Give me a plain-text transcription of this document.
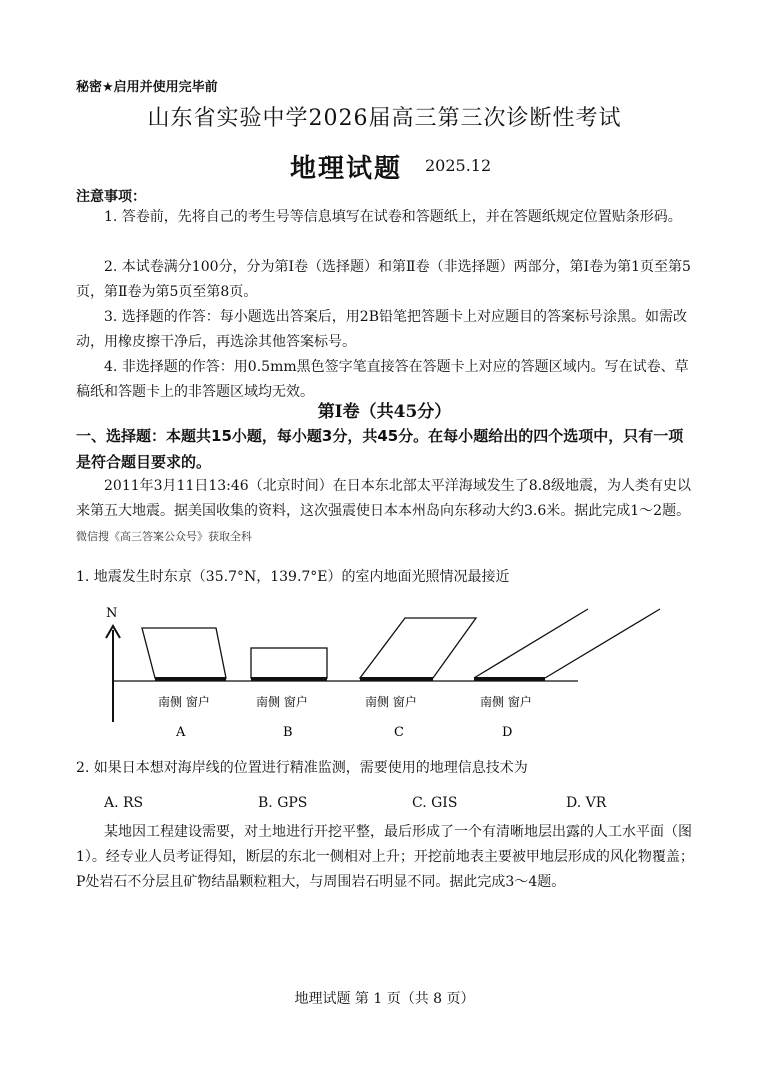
秘密★启用并使用完毕前
山东省实验中学2026届高三第三次诊断性考试
地理试题 2025.12
注意事项：
1. 答卷前，先将自己的考生号等信息填写在试卷和答题纸上，并在答题纸规定位置贴条形码。
2. 本试卷满分100分，分为第Ⅰ卷（选择题）和第Ⅱ卷（非选择题）两部分，第Ⅰ卷为第1页至第5页，第Ⅱ卷为第5页至第8页。
3. 选择题的作答：每小题选出答案后，用2B铅笔把答题卡上对应题目的答案标号涂黑。如需改动，用橡皮擦干净后，再选涂其他答案标号。
4. 非选择题的作答：用0.5mm黑色签字笔直接答在答题卡上对应的答题区域内。写在试卷、草稿纸和答题卡上的非答题区域均无效。
第Ⅰ卷（共45分）
一、选择题：本题共15小题，每小题3分，共45分。在每小题给出的四个选项中，只有一项是符合题目要求的。
2011年3月11日13:46（北京时间）在日本东北部太平洋海域发生了8.8级地震，为人类有史以来第五大地震。据美国收集的资料，这次强震使日本本州岛向东移动大约3.6米。据此完成1～2题。微信搜《高三答案公众号》获取全科
1. 地震发生时东京（35.7°N，139.7°E）的室内地面光照情况最接近
N
南侧 窗户	南侧 窗户	南侧 窗户	南侧 窗户
A	B	C	D
2. 如果日本想对海岸线的位置进行精准监测，需要使用的地理信息技术为
A. RS	B. GPS	C. GIS	D. VR
某地因工程建设需要，对土地进行开挖平整，最后形成了一个有清晰地层出露的人工水平面（图1）。经专业人员考证得知，断层的东北一侧相对上升；开挖前地表主要被甲地层形成的风化物覆盖；P处岩石不分层且矿物结晶颗粒粗大，与周围岩石明显不同。据此完成3～4题。
地理试题 第 1 页（共 8 页）
